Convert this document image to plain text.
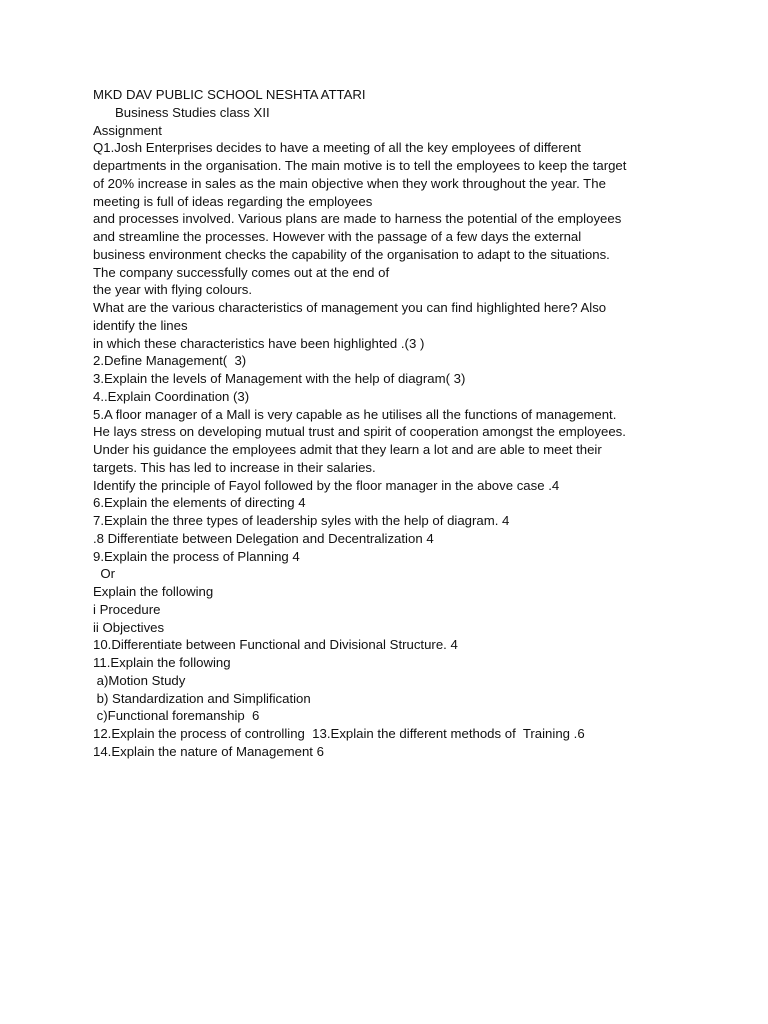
MKD DAV PUBLIC SCHOOL NESHTA ATTARI
Business Studies class XII
Assignment
Q1.Josh Enterprises decides to have a meeting of all the key employees of different
departments in the organisation. The main motive is to tell the employees to keep the target
of 20% increase in sales as the main objective when they work throughout the year. The
meeting is full of ideas regarding the employees
and processes involved. Various plans are made to harness the potential of the employees
and streamline the processes. However with the passage of a few days the external
business environment checks the capability of the organisation to adapt to the situations.
The company successfully comes out at the end of
the year with flying colours.
What are the various characteristics of management you can find highlighted here? Also
identify the lines
in which these characteristics have been highlighted .(3 )
2.Define Management(  3)
3.Explain the levels of Management with the help of diagram( 3)
4..Explain Coordination (3)
5.A floor manager of a Mall is very capable as he utilises all the functions of management.
He lays stress on developing mutual trust and spirit of cooperation amongst the employees.
Under his guidance the employees admit that they learn a lot and are able to meet their
targets. This has led to increase in their salaries.
Identify the principle of Fayol followed by the floor manager in the above case .4
6.Explain the elements of directing 4
7.Explain the three types of leadership syles with the help of diagram. 4
.8 Differentiate between Delegation and Decentralization 4
9.Explain the process of Planning 4
Or
Explain the following
i Procedure
ii Objectives
10.Differentiate between Functional and Divisional Structure. 4
11.Explain the following
a)Motion Study
b) Standardization and Simplification
c)Functional foremanship  6
12.Explain the process of controlling  13.Explain the different methods of  Training .6
14.Explain the nature of Management 6
